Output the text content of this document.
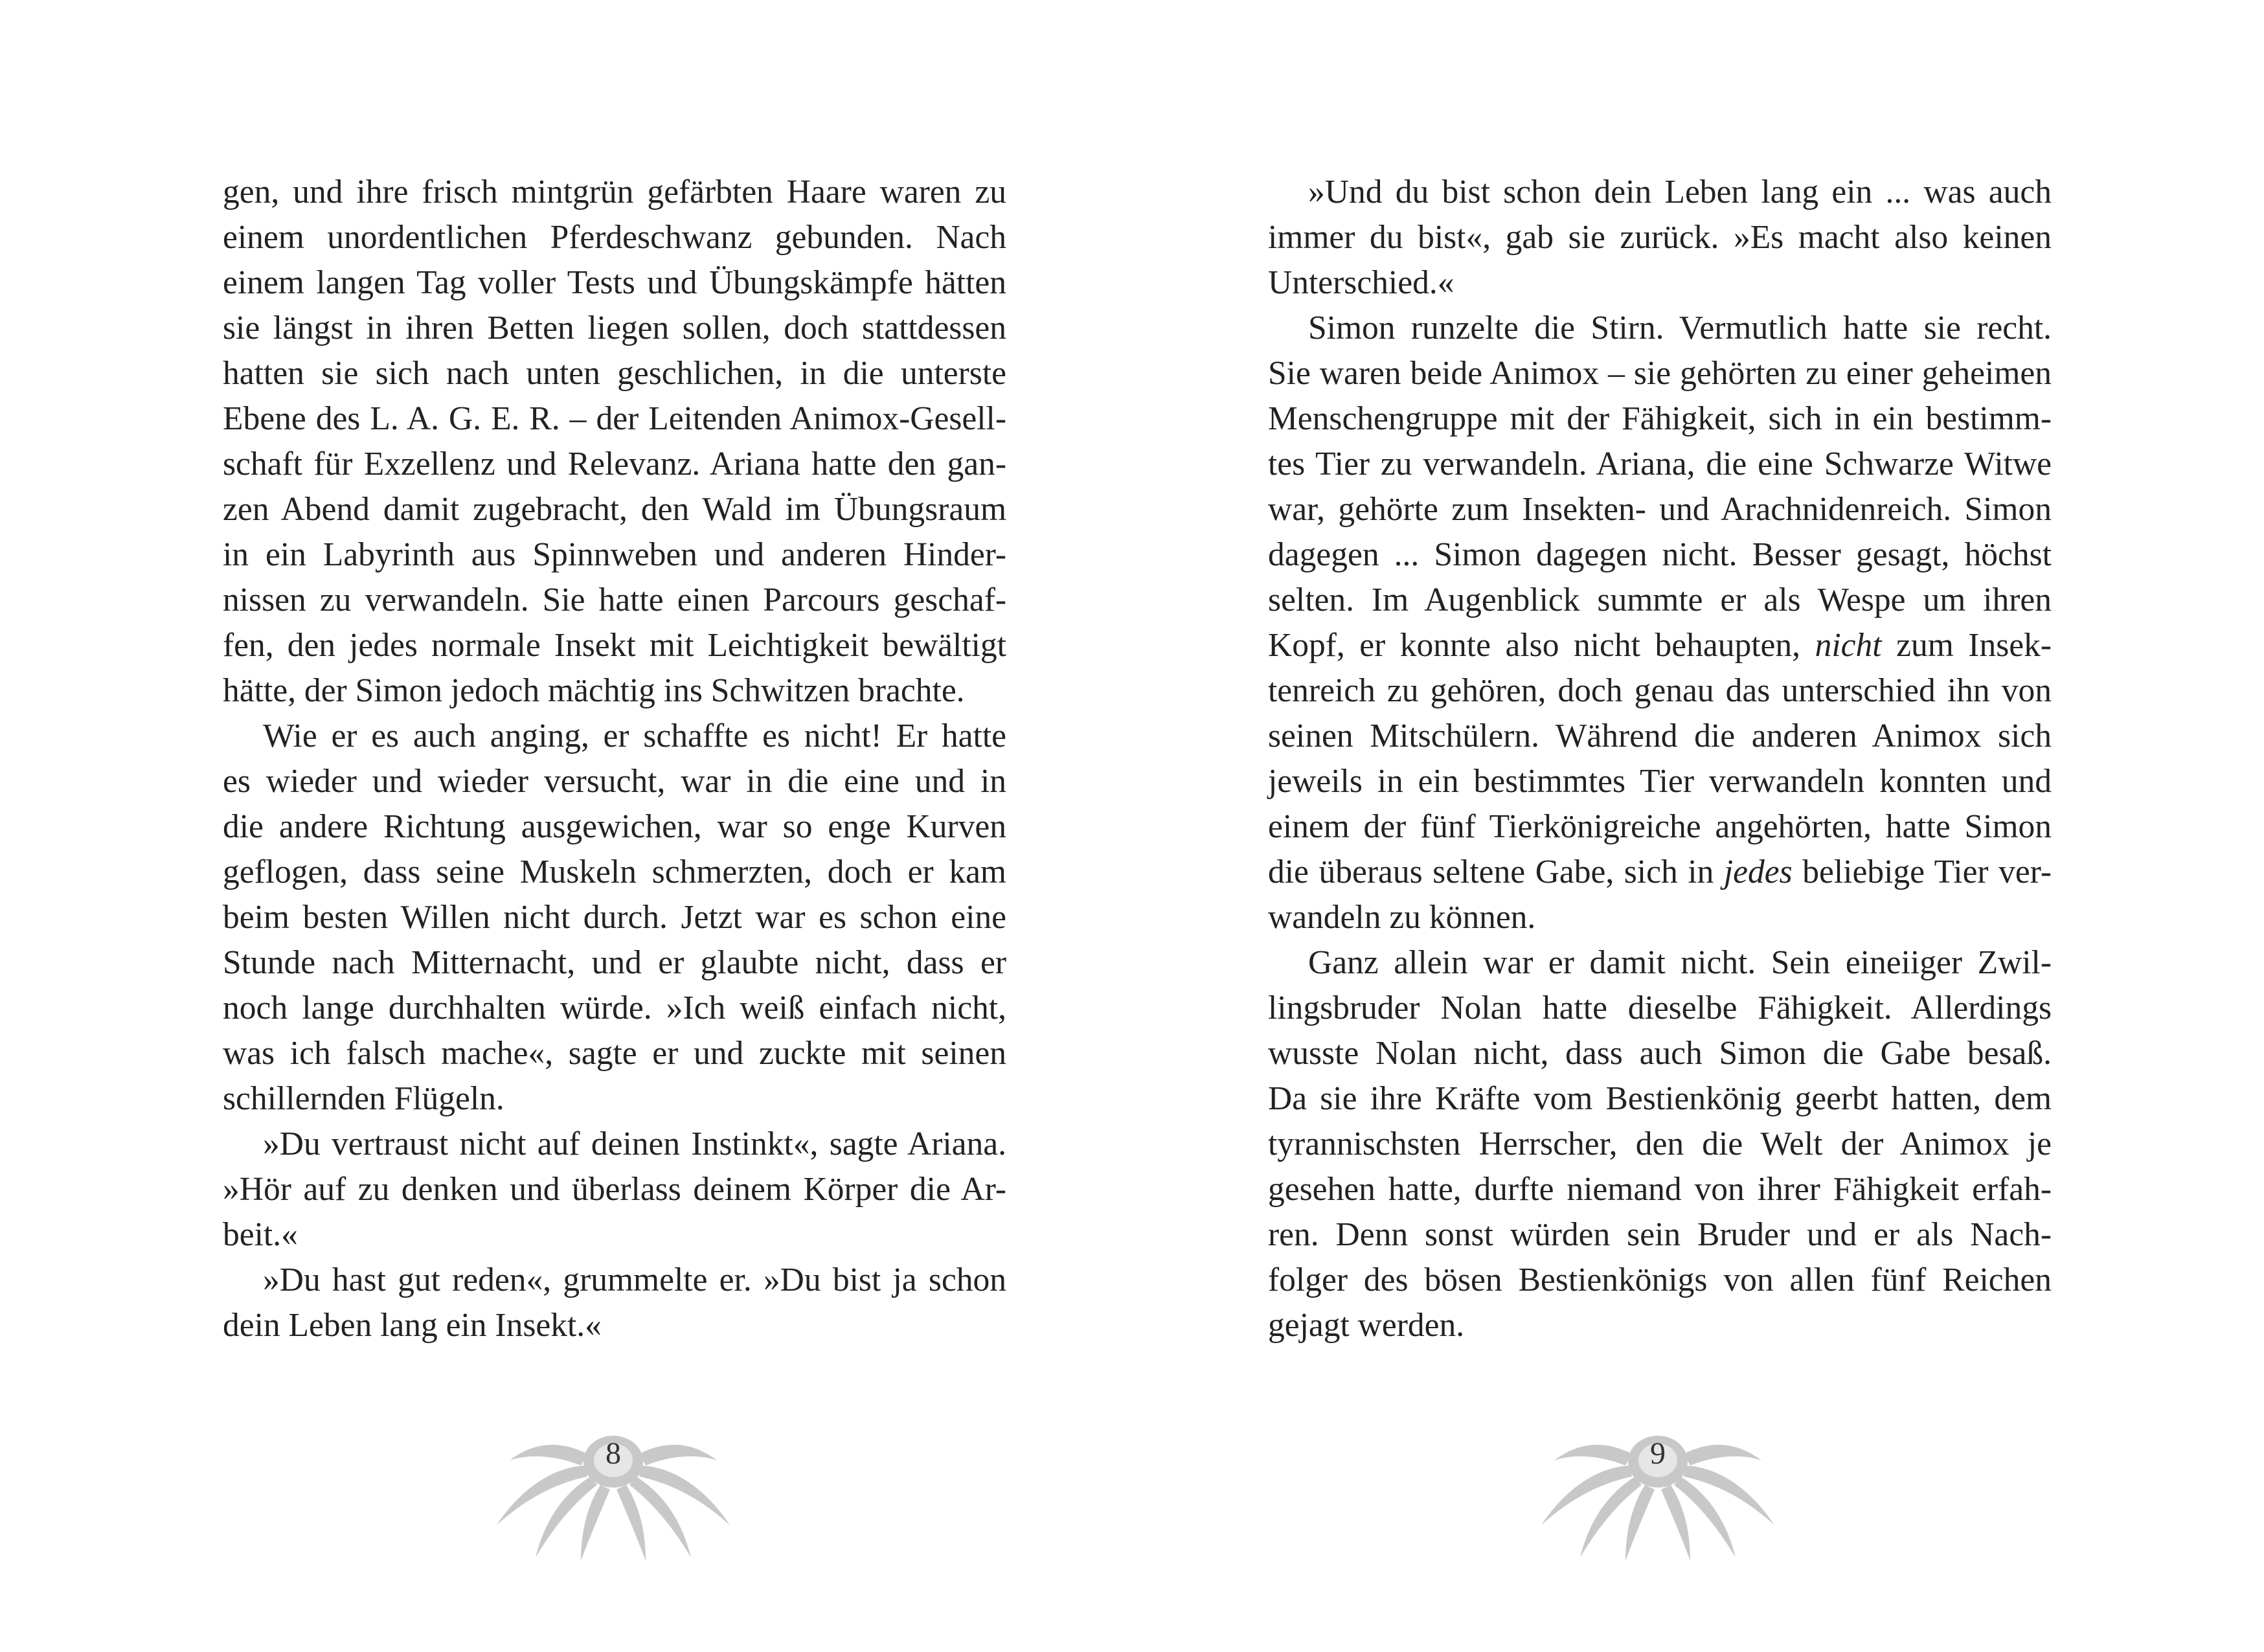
gen, und ihre frisch mintgrün gefärbten Haare waren zu
einem unordentlichen Pferdeschwanz gebunden. Nach
einem langen Tag voller Tests und Übungskämpfe hätten
sie längst in ihren Betten liegen sollen, doch stattdessen
hatten sie sich nach unten geschlichen, in die unterste
Ebene des L. A. G. E. R. – der Leitenden Animox-Gesell-
schaft für Exzellenz und Relevanz. Ariana hatte den gan-
zen Abend damit zugebracht, den Wald im Übungsraum
in ein Labyrinth aus Spinnweben und anderen Hinder-
nissen zu verwandeln. Sie hatte einen Parcours geschaf-
fen, den jedes normale Insekt mit Leichtigkeit bewältigt
hätte, der Simon jedoch mächtig ins Schwitzen brachte.
Wie er es auch anging, er schaffte es nicht! Er hatte
es wieder und wieder versucht, war in die eine und in
die andere Richtung ausgewichen, war so enge Kurven
geflogen, dass seine Muskeln schmerzten, doch er kam
beim besten Willen nicht durch. Jetzt war es schon eine
Stunde nach Mitternacht, und er glaubte nicht, dass er
noch lange durchhalten würde. »Ich weiß einfach nicht,
was ich falsch mache«, sagte er und zuckte mit seinen
schillernden Flügeln.
»Du vertraust nicht auf deinen Instinkt«, sagte Ariana.
»Hör auf zu denken und überlass deinem Körper die Ar-
beit.«
»Du hast gut reden«, grummelte er. »Du bist ja schon
dein Leben lang ein Insekt.«
8
»Und du bist schon dein Leben lang ein ... was auch
immer du bist«, gab sie zurück. »Es macht also keinen
Unterschied.«
Simon runzelte die Stirn. Vermutlich hatte sie recht.
Sie waren beide Animox – sie gehörten zu einer geheimen
Menschengruppe mit der Fähigkeit, sich in ein bestimm-
tes Tier zu verwandeln. Ariana, die eine Schwarze Witwe
war, gehörte zum Insekten- und Arachnidenreich. Simon
dagegen ... Simon dagegen nicht. Besser gesagt, höchst
selten. Im Augenblick summte er als Wespe um ihren
Kopf, er konnte also nicht behaupten, nicht zum Insek-
tenreich zu gehören, doch genau das unterschied ihn von
seinen Mitschülern. Während die anderen Animox sich
jeweils in ein bestimmtes Tier verwandeln konnten und
einem der fünf Tierkönigreiche angehörten, hatte Simon
die überaus seltene Gabe, sich in jedes beliebige Tier ver-
wandeln zu können.
Ganz allein war er damit nicht. Sein eineiiger Zwil-
lingsbruder Nolan hatte dieselbe Fähigkeit. Allerdings
wusste Nolan nicht, dass auch Simon die Gabe besaß.
Da sie ihre Kräfte vom Bestienkönig geerbt hatten, dem
tyrannischsten Herrscher, den die Welt der Animox je
gesehen hatte, durfte niemand von ihrer Fähigkeit erfah-
ren. Denn sonst würden sein Bruder und er als Nach-
folger des bösen Bestienkönigs von allen fünf Reichen
gejagt werden.
9
